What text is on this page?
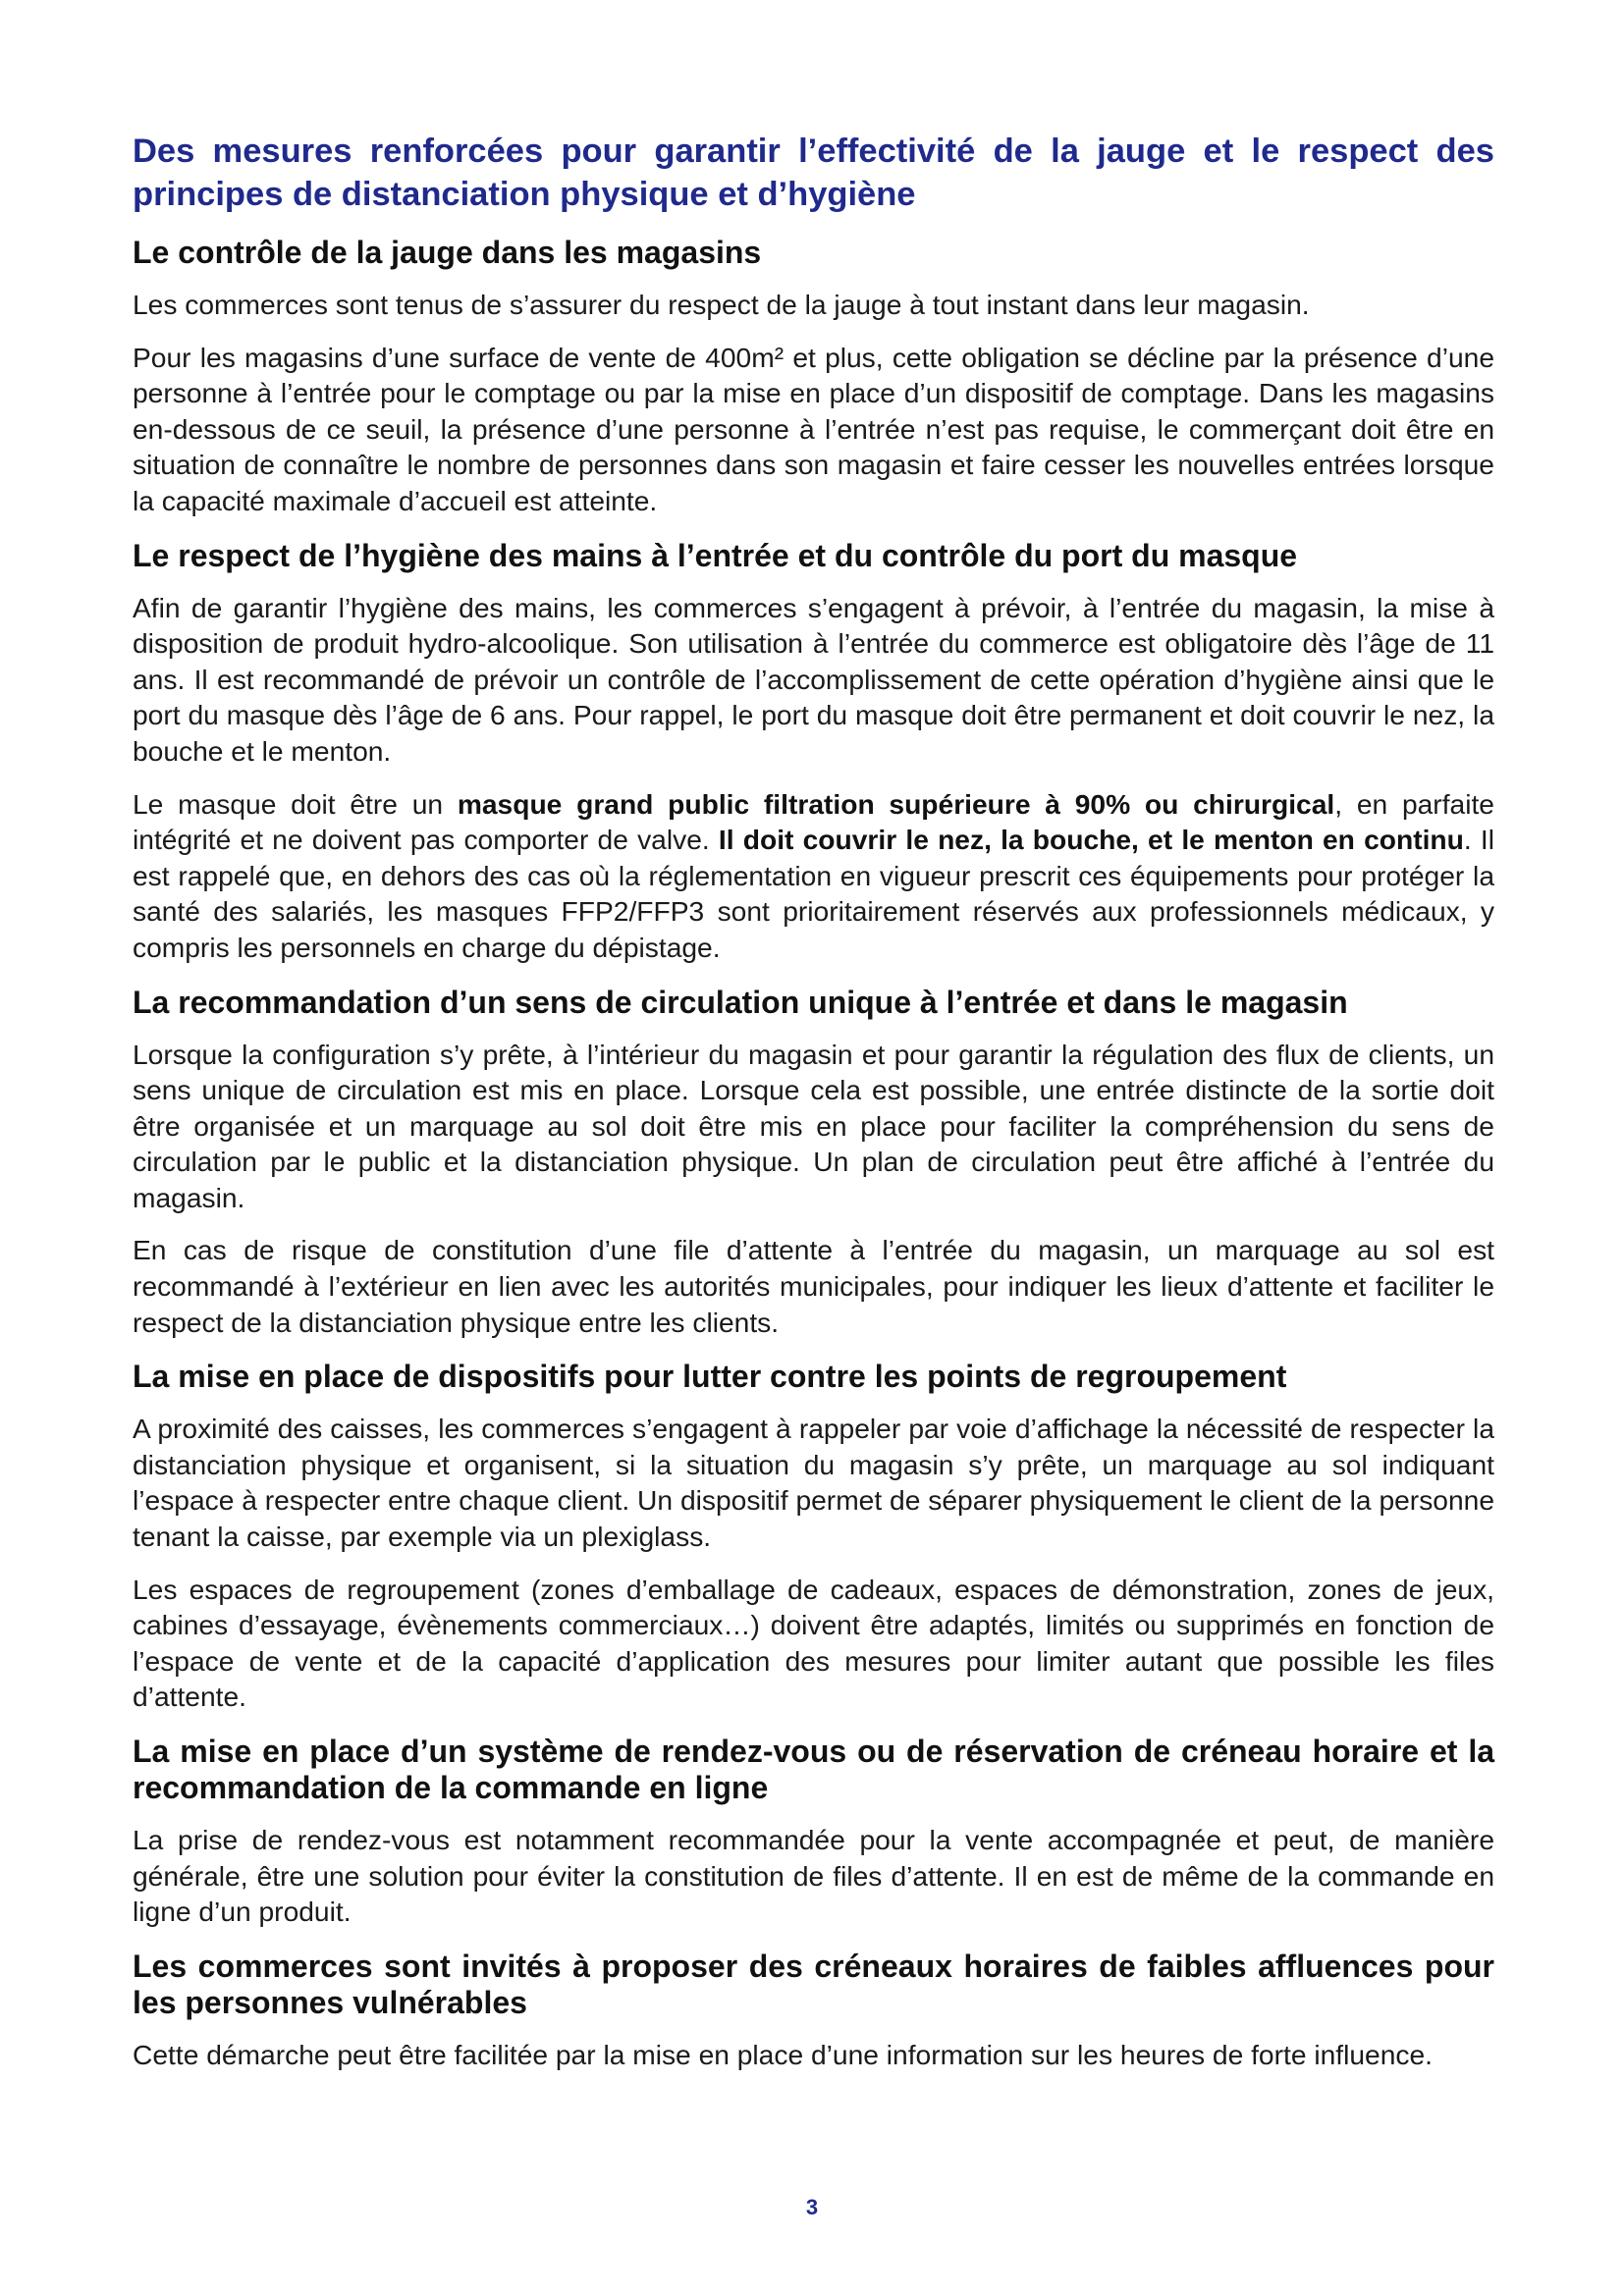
Des mesures renforcées pour garantir l’effectivité de la jauge et le respect des principes de distanciation physique et d’hygiène
Le contrôle de la jauge dans les magasins

Les commerces sont tenus de s’assurer du respect de la jauge à tout instant dans leur magasin.

Pour les magasins d’une surface de vente de 400m² et plus, cette obligation se décline par la présence d’une personne à l’entrée pour le comptage ou par la mise en place d’un dispositif de comptage. Dans les magasins en-dessous de ce seuil, la présence d’une personne à l’entrée n’est pas requise, le commerçant doit être en situation de connaître le nombre de personnes dans son magasin et faire cesser les nouvelles entrées lorsque la capacité maximale d’accueil est atteinte.

Le respect de l’hygiène des mains à l’entrée et du contrôle du port du masque

Afin de garantir l’hygiène des mains, les commerces s’engagent à prévoir, à l’entrée du magasin, la mise à disposition de produit hydro-alcoolique. Son utilisation à l’entrée du commerce est obligatoire dès l’âge de 11 ans. Il est recommandé de prévoir un contrôle de l’accomplissement de cette opération d’hygiène ainsi que le port du masque dès l’âge de 6 ans. Pour rappel, le port du masque doit être permanent et doit couvrir le nez, la bouche et le menton.

Le masque doit être un masque grand public filtration supérieure à 90% ou chirurgical, en parfaite intégrité et ne doivent pas comporter de valve. Il doit couvrir le nez, la bouche, et le menton en continu. Il est rappelé que, en dehors des cas où la réglementation en vigueur prescrit ces équipements pour protéger la santé des salariés, les masques FFP2/FFP3 sont prioritairement réservés aux professionnels médicaux, y compris les personnels en charge du dépistage.

La recommandation d’un sens de circulation unique à l’entrée et dans le magasin

Lorsque la configuration s’y prête, à l’intérieur du magasin et pour garantir la régulation des flux de clients, un sens unique de circulation est mis en place. Lorsque cela est possible, une entrée distincte de la sortie doit être organisée et un marquage au sol doit être mis en place pour faciliter la compréhension du sens de circulation par le public et la distanciation physique. Un plan de circulation peut être affiché à l’entrée du magasin.

En cas de risque de constitution d’une file d’attente à l’entrée du magasin, un marquage au sol est recommandé à l’extérieur en lien avec les autorités municipales, pour indiquer les lieux d’attente et faciliter le respect de la distanciation physique entre les clients.

La mise en place de dispositifs pour lutter contre les points de regroupement

A proximité des caisses, les commerces s’engagent à rappeler par voie d’affichage la nécessité de respecter la distanciation physique et organisent, si la situation du magasin s’y prête, un marquage au sol indiquant l’espace à respecter entre chaque client. Un dispositif permet de séparer physiquement le client de la personne tenant la caisse, par exemple via un plexiglass.

Les espaces de regroupement (zones d’emballage de cadeaux, espaces de démonstration, zones de jeux, cabines d’essayage, évènements commerciaux…) doivent être adaptés, limités ou supprimés en fonction de l’espace de vente et de la capacité d’application des mesures pour limiter autant que possible les files d’attente.

La mise en place d’un système de rendez-vous ou de réservation de créneau horaire et la recommandation de la commande en ligne

La prise de rendez-vous est notamment recommandée pour la vente accompagnée et peut, de manière générale, être une solution pour éviter la constitution de files d’attente. Il en est de même de la commande en ligne d’un produit.

Les commerces sont invités à proposer des créneaux horaires de faibles affluences pour les personnes vulnérables

Cette démarche peut être facilitée par la mise en place d’une information sur les heures de forte influence.

3
